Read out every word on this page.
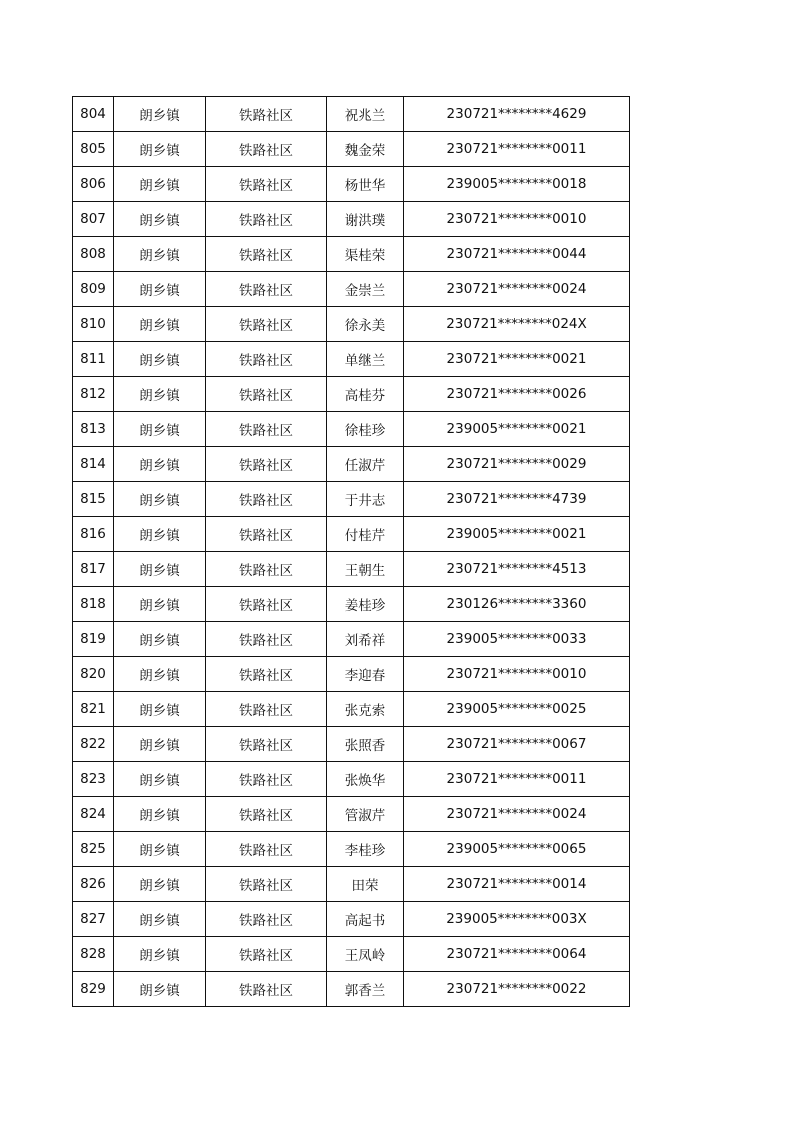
804	朗乡镇	铁路社区	祝兆兰	230721********4629
805	朗乡镇	铁路社区	魏金荣	230721********0011
806	朗乡镇	铁路社区	杨世华	239005********0018
807	朗乡镇	铁路社区	谢洪璞	230721********0010
808	朗乡镇	铁路社区	渠桂荣	230721********0044
809	朗乡镇	铁路社区	金崇兰	230721********0024
810	朗乡镇	铁路社区	徐永美	230721********024X
811	朗乡镇	铁路社区	单继兰	230721********0021
812	朗乡镇	铁路社区	高桂芬	230721********0026
813	朗乡镇	铁路社区	徐桂珍	239005********0021
814	朗乡镇	铁路社区	任淑芹	230721********0029
815	朗乡镇	铁路社区	于井志	230721********4739
816	朗乡镇	铁路社区	付桂芹	239005********0021
817	朗乡镇	铁路社区	王朝生	230721********4513
818	朗乡镇	铁路社区	姜桂珍	230126********3360
819	朗乡镇	铁路社区	刘希祥	239005********0033
820	朗乡镇	铁路社区	李迎春	230721********0010
821	朗乡镇	铁路社区	张克索	239005********0025
822	朗乡镇	铁路社区	张照香	230721********0067
823	朗乡镇	铁路社区	张焕华	230721********0011
824	朗乡镇	铁路社区	管淑芹	230721********0024
825	朗乡镇	铁路社区	李桂珍	239005********0065
826	朗乡镇	铁路社区	田荣	230721********0014
827	朗乡镇	铁路社区	高起书	239005********003X
828	朗乡镇	铁路社区	王凤岭	230721********0064
829	朗乡镇	铁路社区	郭香兰	230721********0022
